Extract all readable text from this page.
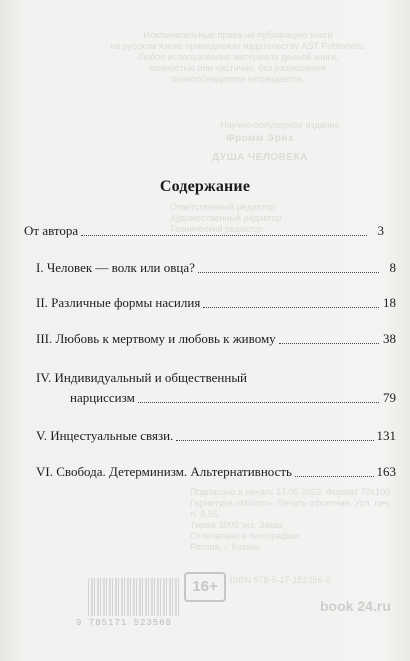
Исключительные права на публикацию книги
на русском языке принадлежат издательству AST Publishers.
Любое использование материала данной книги,
полностью или частично, без разрешения
правообладателя запрещается.
Научно-популярное издание
Фромм Эрих
ДУША ЧЕЛОВЕКА
Ответственный редактор
Художественный редактор
Технический редактор
Подписано в печать 17.05.2022. Формат 70x100
Гарнитура «Minion». Печать офсетная. Усл. печ. л. 9,55.
Тираж 3000 экз. Заказ
Отпечатано в типографии
Россия, г. Казань
ISBN 978-5-17-152356-0
Содержание
От автора	3
I. Человек — волк или овца?	8
II. Различные формы насилия	18
III. Любовь к мертвому и любовь к живому	38
IV. Индивидуальный и общественный
нарциссизм	79
V. Инцестуальные связи.	131
VI. Свобода. Детерминизм. Альтернативность	163
9 785171 523560
16+
book 24.ru
